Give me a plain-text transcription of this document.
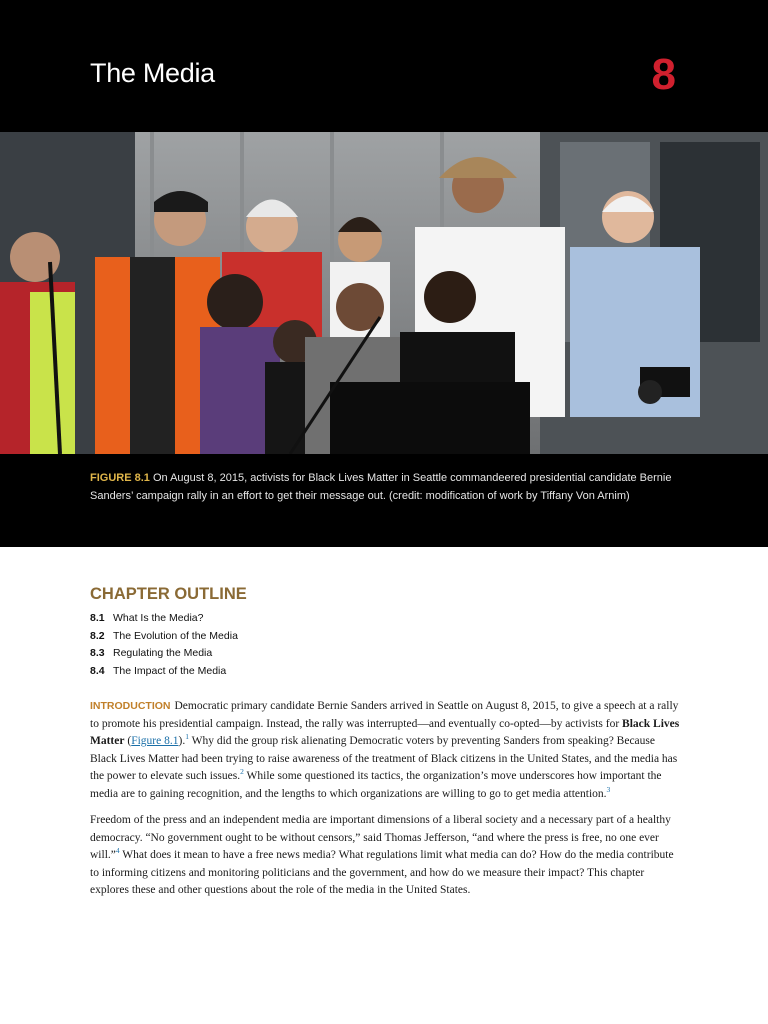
The Media	8
FIGURE 8.1 On August 8, 2015, activists for Black Lives Matter in Seattle commandeered presidential candidate Bernie Sanders’ campaign rally in an effort to get their message out. (credit: modification of work by Tiffany Von Arnim)
CHAPTER OUTLINE
8.1 What Is the Media?
8.2 The Evolution of the Media
8.3 Regulating the Media
8.4 The Impact of the Media

INTRODUCTION Democratic primary candidate Bernie Sanders arrived in Seattle on August 8, 2015, to give a speech at a rally to promote his presidential campaign. Instead, the rally was interrupted—and eventually co-opted—by activists for Black Lives Matter (Figure 8.1).$^1$ Why did the group risk alienating Democratic voters by preventing Sanders from speaking? Because Black Lives Matter had been trying to raise awareness of the treatment of Black citizens in the United States, and the media has the power to elevate such issues.$^2$ While some questioned its tactics, the organization’s move underscores how important the media are to gaining recognition, and the lengths to which organizations are willing to go to get media attention.$^3$

Freedom of the press and an independent media are important dimensions of a liberal society and a necessary part of a healthy democracy. “No government ought to be without censors,” said Thomas Jefferson, “and where the press is free, no one ever will.”$^4$ What does it mean to have a free news media? What regulations limit what media can do? How do the media contribute to informing citizens and monitoring politicians and the government, and how do we measure their impact? This chapter explores these and other questions about the role of the media in the United States.
